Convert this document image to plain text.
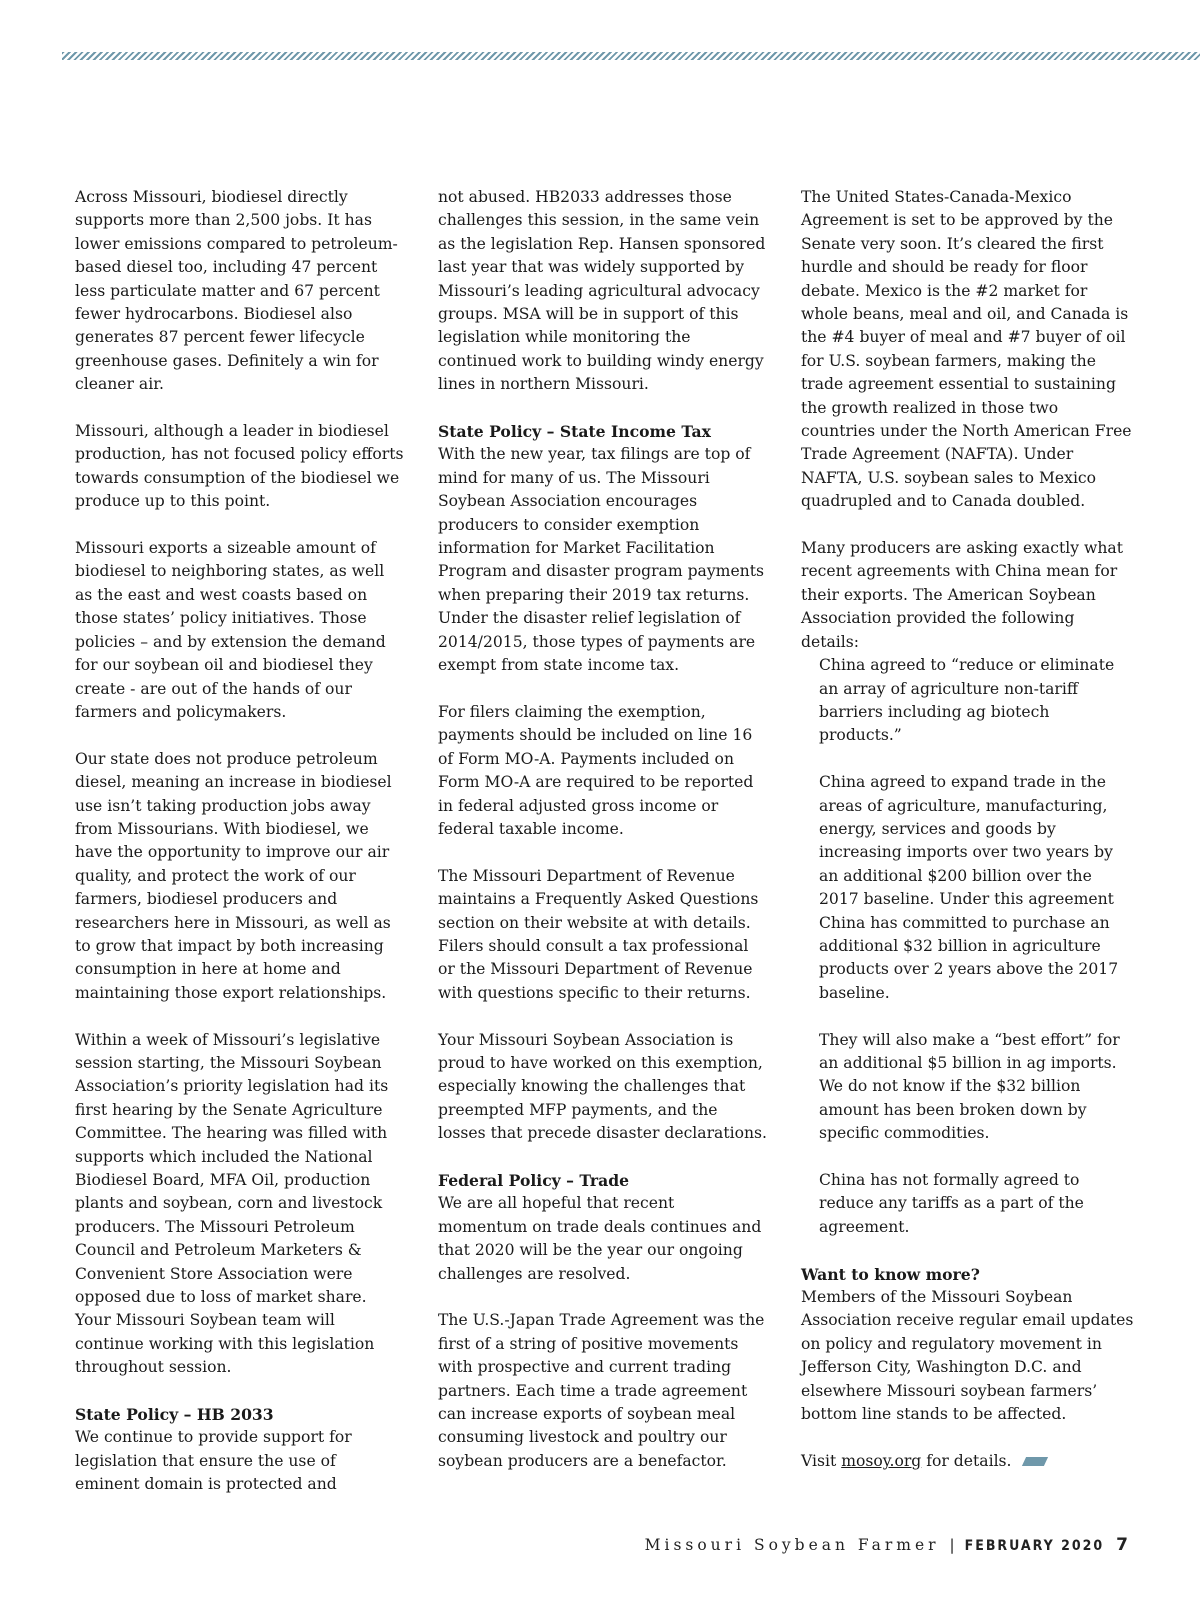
Across Missouri, biodiesel directly supports more than 2,500 jobs. It has lower emissions compared to petroleum-based diesel too, including 47 percent less particulate matter and 67 percent fewer hydrocarbons. Biodiesel also generates 87 percent fewer lifecycle greenhouse gases. Definitely a win for cleaner air.

Missouri, although a leader in biodiesel production, has not focused policy efforts towards consumption of the biodiesel we produce up to this point.

Missouri exports a sizeable amount of biodiesel to neighboring states, as well as the east and west coasts based on those states’ policy initiatives. Those policies – and by extension the demand for our soybean oil and biodiesel they create - are out of the hands of our farmers and policymakers.

Our state does not produce petroleum diesel, meaning an increase in biodiesel use isn’t taking production jobs away from Missourians. With biodiesel, we have the opportunity to improve our air quality, and protect the work of our farmers, biodiesel producers and researchers here in Missouri, as well as to grow that impact by both increasing consumption in here at home and maintaining those export relationships.

Within a week of Missouri’s legislative session starting, the Missouri Soybean Association’s priority legislation had its first hearing by the Senate Agriculture Committee. The hearing was filled with supports which included the National Biodiesel Board, MFA Oil, production plants and soybean, corn and livestock producers. The Missouri Petroleum Council and Petroleum Marketers & Convenient Store Association were opposed due to loss of market share. Your Missouri Soybean team will continue working with this legislation throughout session.

State Policy – HB 2033

We continue to provide support for legislation that ensure the use of eminent domain is protected and

not abused. HB2033 addresses those challenges this session, in the same vein as the legislation Rep. Hansen sponsored last year that was widely supported by Missouri’s leading agricultural advocacy groups. MSA will be in support of this legislation while monitoring the continued work to building windy energy lines in northern Missouri.

State Policy – State Income Tax

With the new year, tax filings are top of mind for many of us. The Missouri Soybean Association encourages producers to consider exemption information for Market Facilitation Program and disaster program payments when preparing their 2019 tax returns. Under the disaster relief legislation of 2014/2015, those types of payments are exempt from state income tax.

For filers claiming the exemption, payments should be included on line 16 of Form MO-A. Payments included on Form MO-A are required to be reported in federal adjusted gross income or federal taxable income.

The Missouri Department of Revenue maintains a Frequently Asked Questions section on their website at with details. Filers should consult a tax professional or the Missouri Department of Revenue with questions specific to their returns.

Your Missouri Soybean Association is proud to have worked on this exemption, especially knowing the challenges that preempted MFP payments, and the losses that precede disaster declarations.

Federal Policy – Trade

We are all hopeful that recent momentum on trade deals continues and that 2020 will be the year our ongoing challenges are resolved.

The U.S.-Japan Trade Agreement was the first of a string of positive movements with prospective and current trading partners. Each time a trade agreement can increase exports of soybean meal consuming livestock and poultry our soybean producers are a benefactor.

The United States-Canada-Mexico Agreement is set to be approved by the Senate very soon. It’s cleared the first hurdle and should be ready for floor debate. Mexico is the #2 market for whole beans, meal and oil, and Canada is the #4 buyer of meal and #7 buyer of oil for U.S. soybean farmers, making the trade agreement essential to sustaining the growth realized in those two countries under the North American Free Trade Agreement (NAFTA). Under NAFTA, U.S. soybean sales to Mexico quadrupled and to Canada doubled.

Many producers are asking exactly what recent agreements with China mean for their exports. The American Soybean Association provided the following details:

China agreed to “reduce or eliminate an array of agriculture non-tariff barriers including ag biotech products.”

China agreed to expand trade in the areas of agriculture, manufacturing, energy, services and goods by increasing imports over two years by an additional $200 billion over the 2017 baseline. Under this agreement China has committed to purchase an additional $32 billion in agriculture products over 2 years above the 2017 baseline.

They will also make a “best effort” for an additional $5 billion in ag imports. We do not know if the $32 billion amount has been broken down by specific commodities.

China has not formally agreed to reduce any tariffs as a part of the agreement.

Want to know more?

Members of the Missouri Soybean Association receive regular email updates on policy and regulatory movement in Jefferson City, Washington D.C. and elsewhere Missouri soybean farmers’ bottom line stands to be affected.

Visit mosoy.org for details.

Missouri Soybean Farmer | FEBRUARY 2020 7
